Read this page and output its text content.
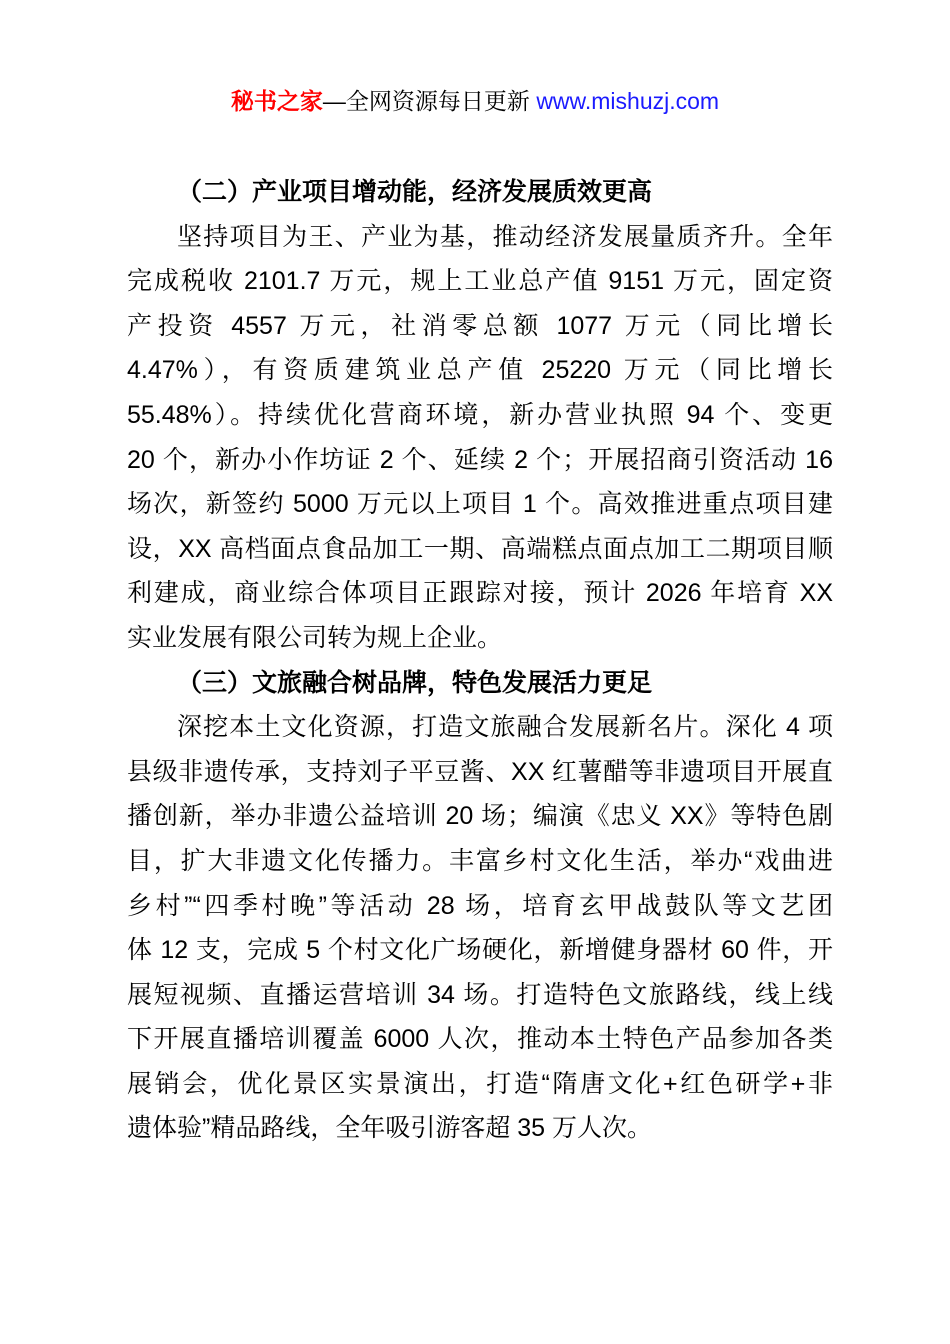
秘书之家—全网资源每日更新 www.mishuzj.com
（二）产业项目增动能，经济发展质效更高
坚持项目为王、产业为基，推动经济发展量质齐升。全年
完成税收 2101.7 万元，规上工业总产值 9151 万元，固定资
产投资 4557 万元，社消零总额 1077 万元（同比增长
4.47%），有资质建筑业总产值 25220 万元（同比增长
55.48%）。持续优化营商环境，新办营业执照 94 个、变更
20 个，新办小作坊证 2 个、延续 2 个；开展招商引资活动 16
场次，新签约 5000 万元以上项目 1 个。高效推进重点项目建
设，XX 高档面点食品加工一期、高端糕点面点加工二期项目顺
利建成，商业综合体项目正跟踪对接，预计 2026 年培育 XX
实业发展有限公司转为规上企业。
（三）文旅融合树品牌，特色发展活力更足
深挖本土文化资源，打造文旅融合发展新名片。深化 4 项
县级非遗传承，支持刘子平豆酱、XX 红薯醋等非遗项目开展直
播创新，举办非遗公益培训 20 场；编演《忠义 XX》等特色剧
目，扩大非遗文化传播力。丰富乡村文化生活，举办“戏曲进
乡村”“四季村晚”等活动 28 场，培育玄甲战鼓队等文艺团
体 12 支，完成 5 个村文化广场硬化，新增健身器材 60 件，开
展短视频、直播运营培训 34 场。打造特色文旅路线，线上线
下开展直播培训覆盖 6000 人次，推动本土特色产品参加各类
展销会，优化景区实景演出，打造“隋唐文化+红色研学+非
遗体验”精品路线，全年吸引游客超 35 万人次。
